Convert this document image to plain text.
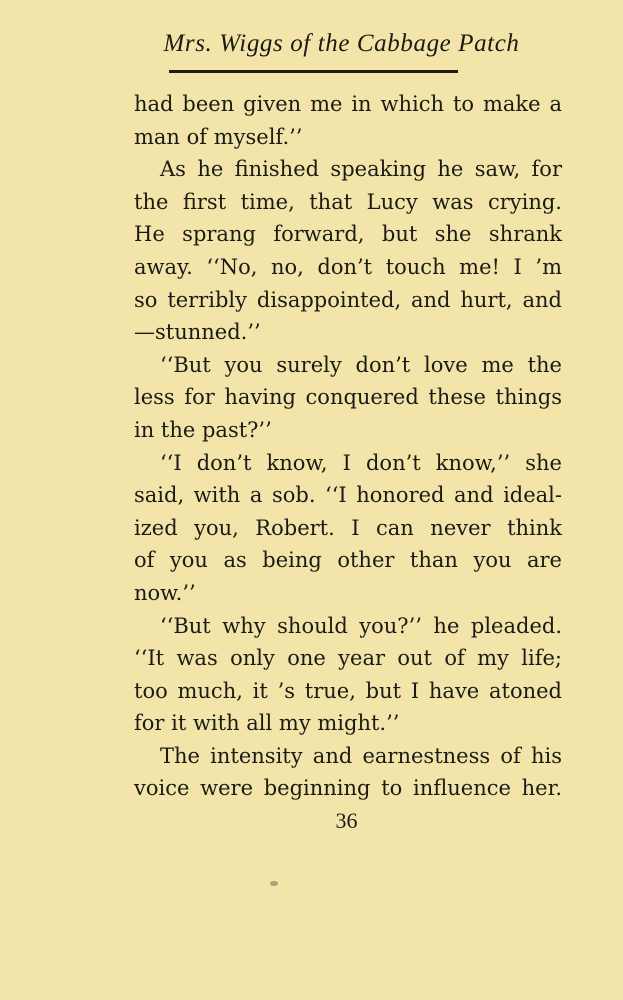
Mrs. Wiggs of the Cabbage Patch
had been given me in which to make a
man of myself.’’
As he finished speaking he saw, for
the first time, that Lucy was crying.
He sprang forward, but she shrank
away. ‘‘No, no, don’t touch me! I ’m
so terribly disappointed, and hurt, and
—stunned.’’
‘‘But you surely don’t love me the
less for having conquered these things
in the past?’’
‘‘I don’t know, I don’t know,’’ she
said, with a sob. ‘‘I honored and ideal-
ized you, Robert. I can never think
of you as being other than you are
now.’’
‘‘But why should you?’’ he pleaded.
‘‘It was only one year out of my life;
too much, it ’s true, but I have atoned
for it with all my might.’’
The intensity and earnestness of his
voice were beginning to influence her.
36
